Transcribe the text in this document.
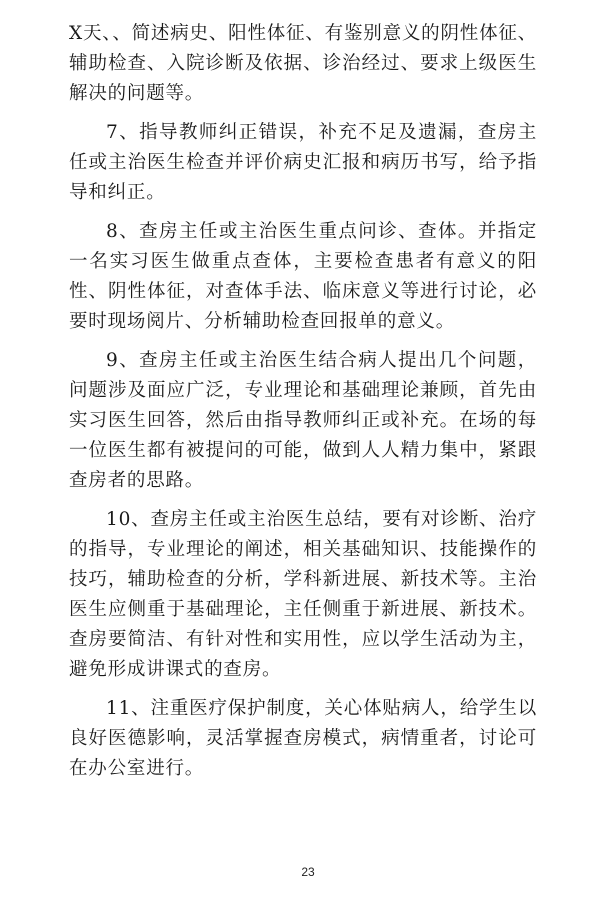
X天、、简述病史、阳性体征、有鉴别意义的阴性体征、辅助检查、入院诊断及依据、诊治经过、要求上级医生解决的问题等。

7、指导教师纠正错误，补充不足及遗漏，查房主任或主治医生检查并评价病史汇报和病历书写，给予指导和纠正。

8、查房主任或主治医生重点问诊、查体。并指定一名实习医生做重点查体，主要检查患者有意义的阳性、阴性体征，对查体手法、临床意义等进行讨论，必要时现场阅片、分析辅助检查回报单的意义。

9、查房主任或主治医生结合病人提出几个问题，问题涉及面应广泛，专业理论和基础理论兼顾，首先由实习医生回答，然后由指导教师纠正或补充。在场的每一位医生都有被提问的可能，做到人人精力集中，紧跟查房者的思路。

10、查房主任或主治医生总结，要有对诊断、治疗的指导，专业理论的阐述，相关基础知识、技能操作的技巧，辅助检查的分析，学科新进展、新技术等。主治医生应侧重于基础理论，主任侧重于新进展、新技术。查房要简洁、有针对性和实用性，应以学生活动为主，避免形成讲课式的查房。

11、注重医疗保护制度，关心体贴病人，给学生以良好医德影响，灵活掌握查房模式，病情重者，讨论可在办公室进行。

23
